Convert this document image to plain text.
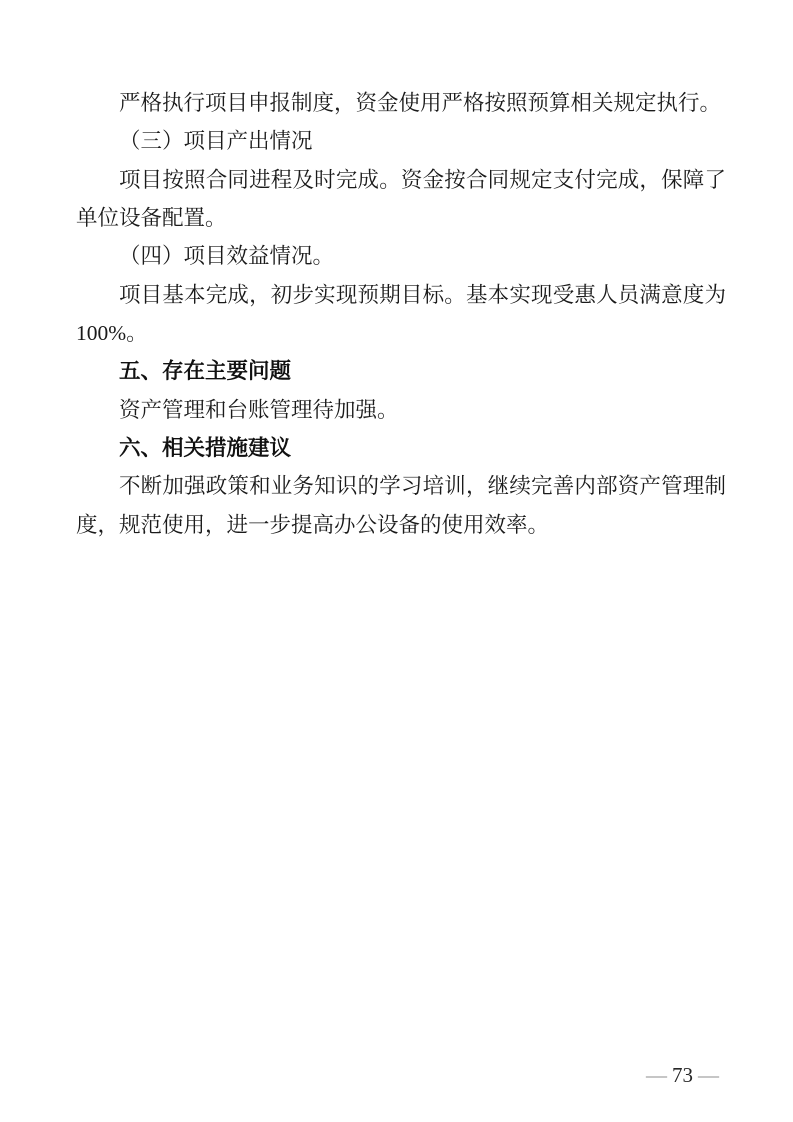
严格执行项目申报制度，资金使用严格按照预算相关规定执行。

（三）项目产出情况

项目按照合同进程及时完成。资金按合同规定支付完成，保障了单位设备配置。

（四）项目效益情况。

项目基本完成，初步实现预期目标。基本实现受惠人员满意度为100%。

五、存在主要问题

资产管理和台账管理待加强。

六、相关措施建议

不断加强政策和业务知识的学习培训，继续完善内部资产管理制度，规范使用，进一步提高办公设备的使用效率。

— 73 —
